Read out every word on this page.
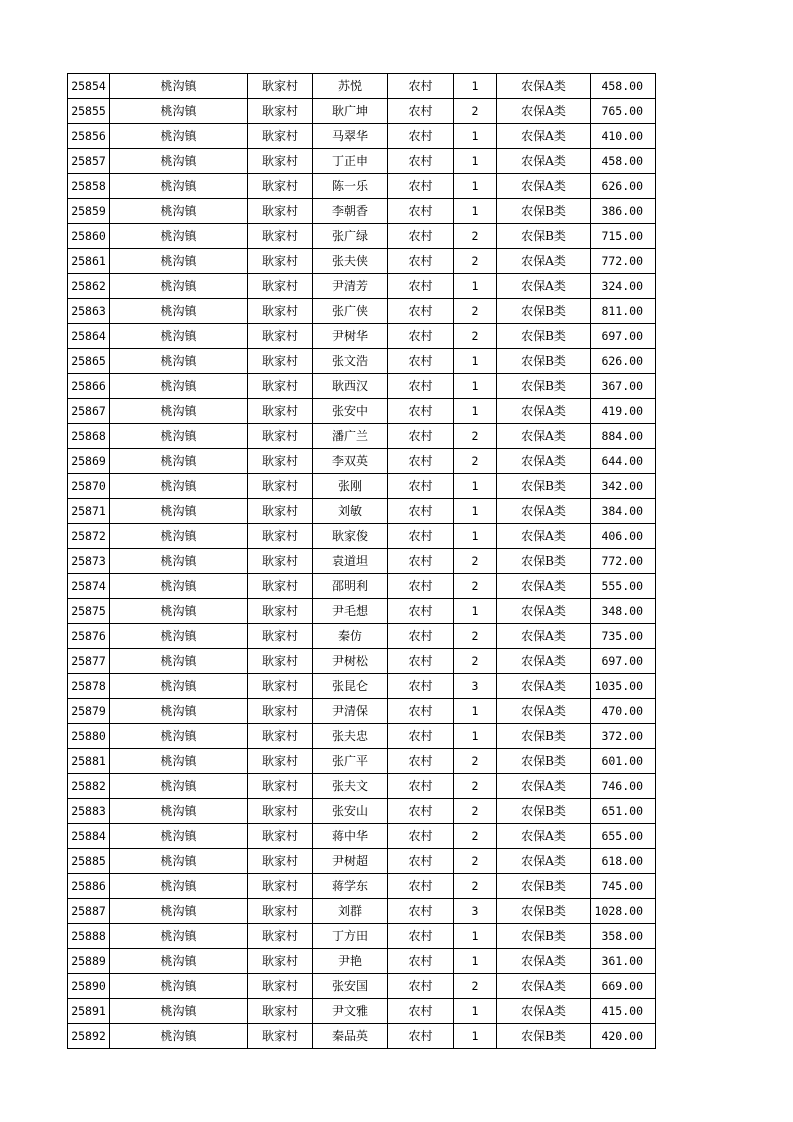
25854	桃沟镇	耿家村	苏悦	农村	1	农保A类	458.00
25855	桃沟镇	耿家村	耿广坤	农村	2	农保A类	765.00
25856	桃沟镇	耿家村	马翠华	农村	1	农保A类	410.00
25857	桃沟镇	耿家村	丁正申	农村	1	农保A类	458.00
25858	桃沟镇	耿家村	陈一乐	农村	1	农保A类	626.00
25859	桃沟镇	耿家村	李朝香	农村	1	农保B类	386.00
25860	桃沟镇	耿家村	张广绿	农村	2	农保B类	715.00
25861	桃沟镇	耿家村	张夫侠	农村	2	农保A类	772.00
25862	桃沟镇	耿家村	尹清芳	农村	1	农保A类	324.00
25863	桃沟镇	耿家村	张广侠	农村	2	农保B类	811.00
25864	桃沟镇	耿家村	尹树华	农村	2	农保B类	697.00
25865	桃沟镇	耿家村	张文浩	农村	1	农保B类	626.00
25866	桃沟镇	耿家村	耿西汉	农村	1	农保B类	367.00
25867	桃沟镇	耿家村	张安中	农村	1	农保A类	419.00
25868	桃沟镇	耿家村	潘广兰	农村	2	农保A类	884.00
25869	桃沟镇	耿家村	李双英	农村	2	农保A类	644.00
25870	桃沟镇	耿家村	张刚	农村	1	农保B类	342.00
25871	桃沟镇	耿家村	刘敏	农村	1	农保A类	384.00
25872	桃沟镇	耿家村	耿家俊	农村	1	农保A类	406.00
25873	桃沟镇	耿家村	袁道坦	农村	2	农保B类	772.00
25874	桃沟镇	耿家村	邵明利	农村	2	农保A类	555.00
25875	桃沟镇	耿家村	尹毛想	农村	1	农保A类	348.00
25876	桃沟镇	耿家村	秦仿	农村	2	农保A类	735.00
25877	桃沟镇	耿家村	尹树松	农村	2	农保A类	697.00
25878	桃沟镇	耿家村	张昆仑	农村	3	农保A类	1035.00
25879	桃沟镇	耿家村	尹清保	农村	1	农保A类	470.00
25880	桃沟镇	耿家村	张夫忠	农村	1	农保B类	372.00
25881	桃沟镇	耿家村	张广平	农村	2	农保B类	601.00
25882	桃沟镇	耿家村	张夫文	农村	2	农保A类	746.00
25883	桃沟镇	耿家村	张安山	农村	2	农保B类	651.00
25884	桃沟镇	耿家村	蒋中华	农村	2	农保A类	655.00
25885	桃沟镇	耿家村	尹树超	农村	2	农保A类	618.00
25886	桃沟镇	耿家村	蒋学东	农村	2	农保B类	745.00
25887	桃沟镇	耿家村	刘群	农村	3	农保B类	1028.00
25888	桃沟镇	耿家村	丁方田	农村	1	农保B类	358.00
25889	桃沟镇	耿家村	尹艳	农村	1	农保A类	361.00
25890	桃沟镇	耿家村	张安国	农村	2	农保A类	669.00
25891	桃沟镇	耿家村	尹文雅	农村	1	农保A类	415.00
25892	桃沟镇	耿家村	秦品英	农村	1	农保B类	420.00
